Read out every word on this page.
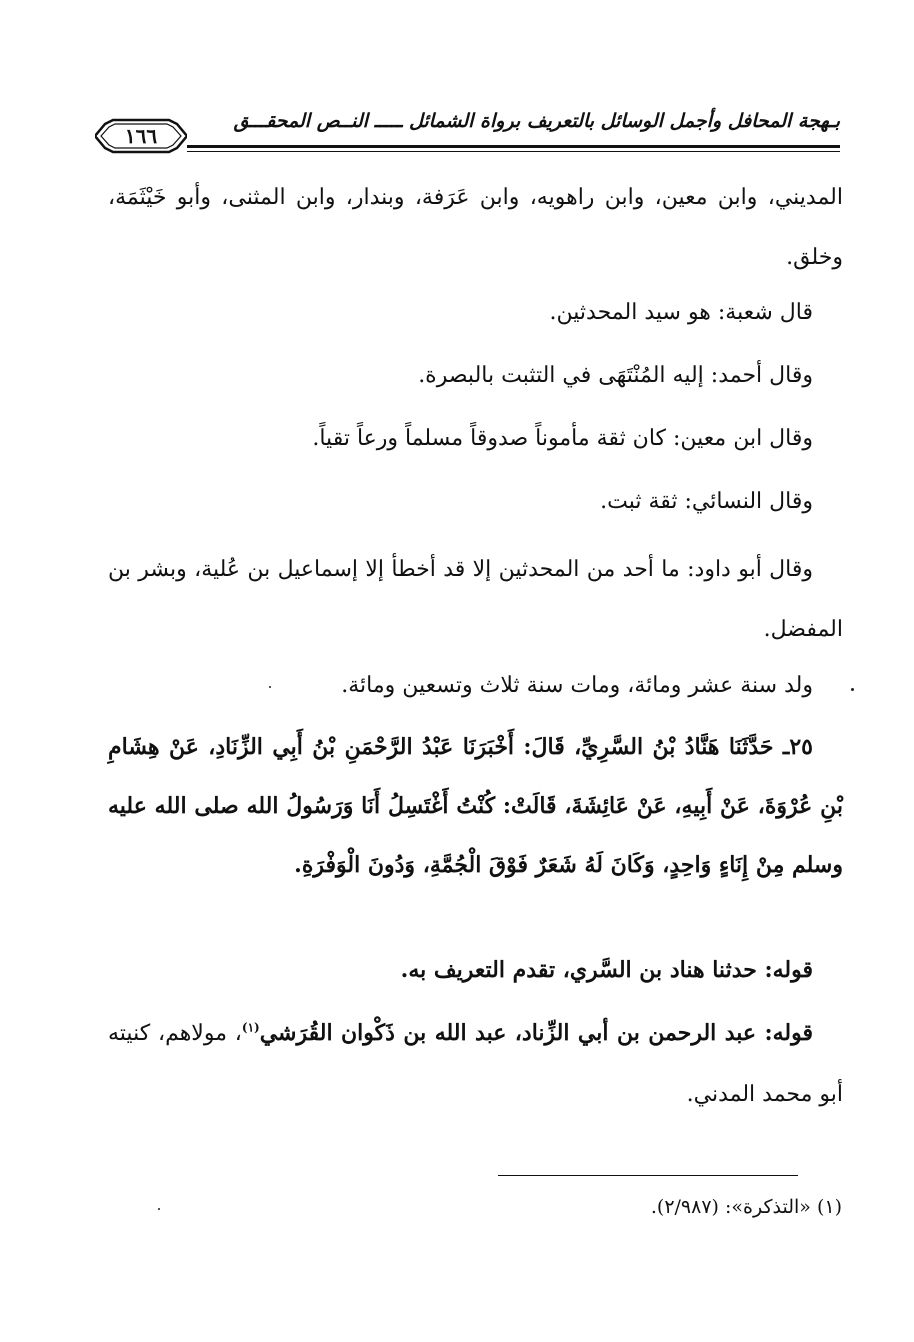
١٦٦
بـهجة المحافل وأجمل الوسائل بالتعريف برواة الشمائل ـــــ النــص المحقـــق

المديني، وابن معين، وابن راهويه، وابن عَرَفة، وبندار، وابن المثنى، وأبو خَيْثَمَة، وخلق.

قال شعبة: هو سيد المحدثين.

وقال أحمد: إليه المُنْتَهَى في التثبت بالبصرة.

وقال ابن معين: كان ثقة مأموناً صدوقاً مسلماً ورعاً تقياً.

وقال النسائي: ثقة ثبت.

وقال أبو داود: ما أحد من المحدثين إلا قد أخطأ إلا إسماعيل بن عُلية، وبشر بن المفضل.

ولد سنة عشر ومائة، ومات سنة ثلاث وتسعين ومائة.

٢٥ـ حَدَّثَنَا هَنَّادُ بْنُ السَّرِيِّ، قَالَ: أَخْبَرَنَا عَبْدُ الرَّحْمَنِ بْنُ أَبِي الزِّنَادِ، عَنْ هِشَامِ بْنِ عُرْوَةَ، عَنْ أَبِيهِ، عَنْ عَائِشَةَ، قَالَتْ: كُنْتُ أَغْتَسِلُ أَنَا وَرَسُولُ الله صلى الله عليه وسلم مِنْ إِنَاءٍ وَاحِدٍ، وَكَانَ لَهُ شَعَرٌ فَوْقَ الْجُمَّةِ، وَدُونَ الْوَفْرَةِ.

قوله: حدثنا هناد بن السَّري، تقدم التعريف به.

قوله: عبد الرحمن بن أبي الزِّناد، عبد الله بن ذَكْوان القُرَشي$^{(١)}$، مولاهم، كنيته أبو محمد المدني.

(١) «التذكرة»: (٢/٩٨٧).
